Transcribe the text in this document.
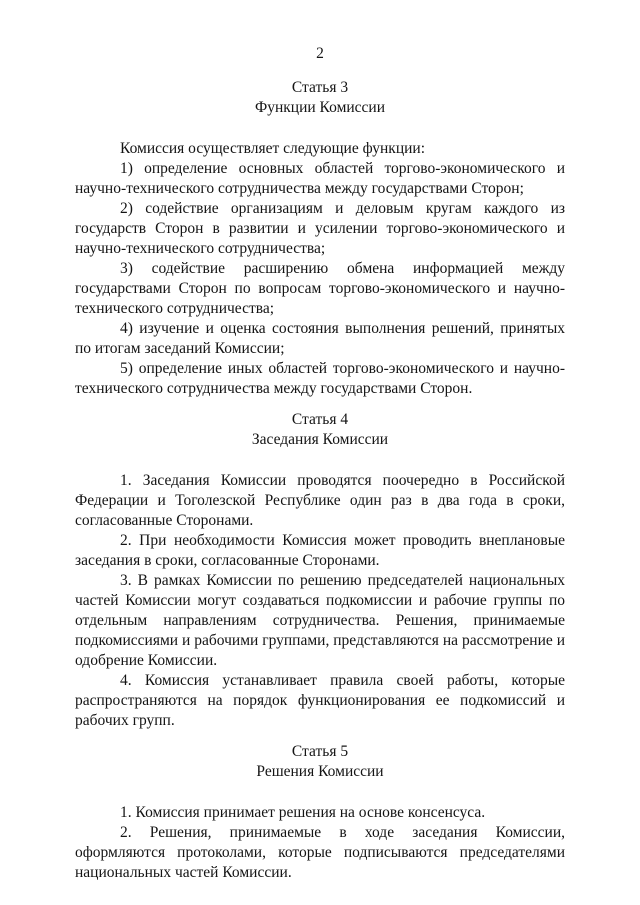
2
Статья 3
Функции Комиссии

Комиссия осуществляет следующие функции:

1) определение основных областей торгово-экономического и научно-технического сотрудничества между государствами Сторон;

2) содействие организациям и деловым кругам каждого из государств Сторон в развитии и усилении торгово-экономического и научно-технического сотрудничества;

3) содействие расширению обмена информацией между государствами Сторон по вопросам торгово-экономического и научно-технического сотрудничества;

4) изучение и оценка состояния выполнения решений, принятых по итогам заседаний Комиссии;

5) определение иных областей торгово-экономического и научно-технического сотрудничества между государствами Сторон.

Статья 4
Заседания Комиссии

1. Заседания Комиссии проводятся поочередно в Российской Федерации и Тоголезской Республике один раз в два года в сроки, согласованные Сторонами.

2. При необходимости Комиссия может проводить внеплановые заседания в сроки, согласованные Сторонами.

3. В рамках Комиссии по решению председателей национальных частей Комиссии могут создаваться подкомиссии и рабочие группы по отдельным направлениям сотрудничества. Решения, принимаемые подкомиссиями и рабочими группами, представляются на рассмотрение и одобрение Комиссии.

4. Комиссия устанавливает правила своей работы, которые распространяются на порядок функционирования ее подкомиссий и рабочих групп.

Статья 5
Решения Комиссии

1. Комиссия принимает решения на основе консенсуса.

2. Решения, принимаемые в ходе заседания Комиссии, оформляются протоколами, которые подписываются председателями национальных частей Комиссии.
